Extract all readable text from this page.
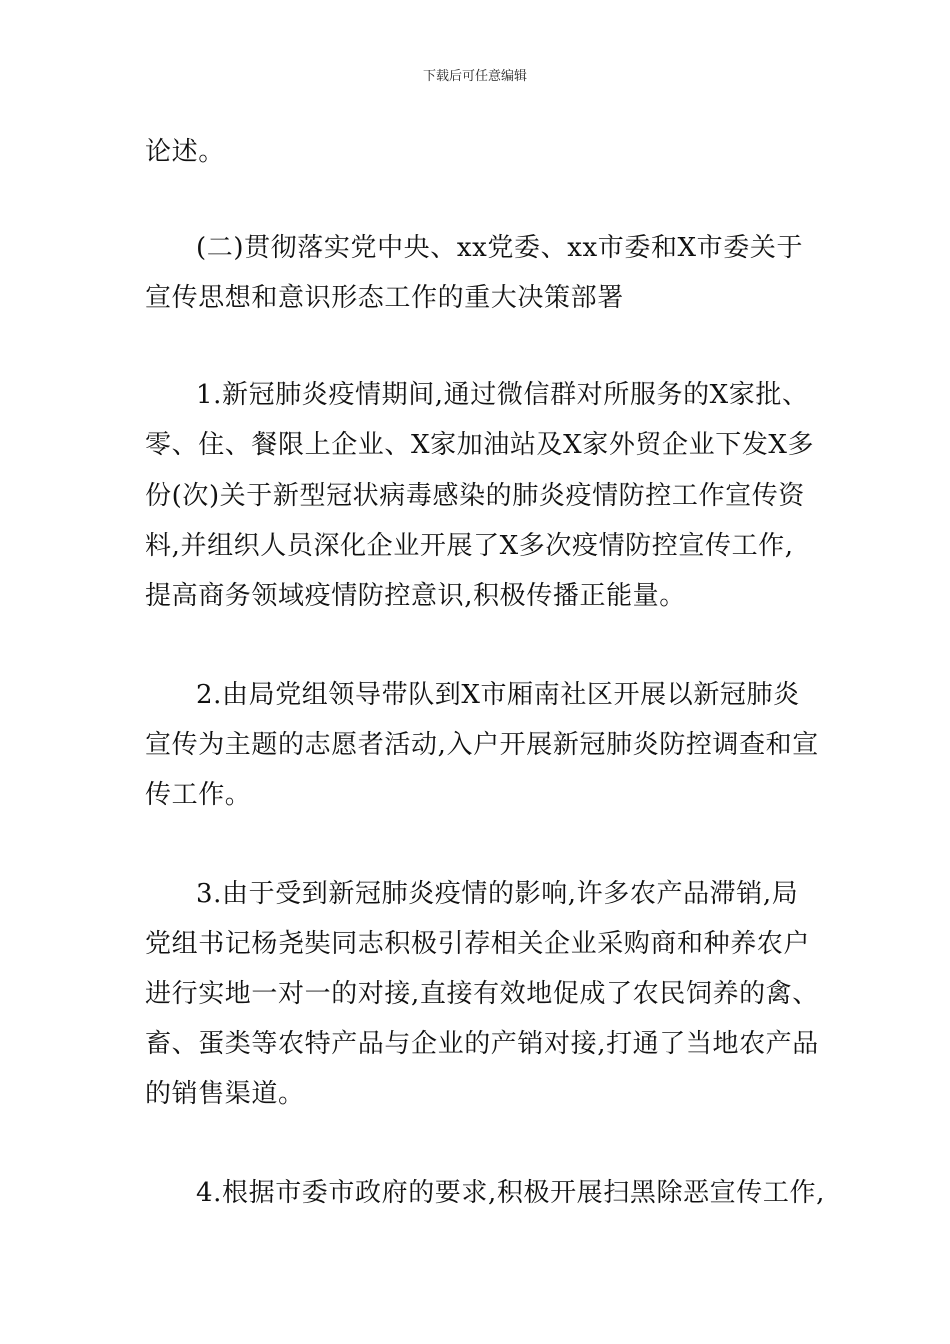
下载后可任意编辑
论述。
(二)贯彻落实党中央、xx党委、xx市委和X市委关于
宣传思想和意识形态工作的重大决策部署
1.新冠肺炎疫情期间,通过微信群对所服务的X家批、
零、住、餐限上企业、X家加油站及X家外贸企业下发X多
份(次)关于新型冠状病毒感染的肺炎疫情防控工作宣传资
料,并组织人员深化企业开展了X多次疫情防控宣传工作,
提高商务领域疫情防控意识,积极传播正能量。
2.由局党组领导带队到X市厢南社区开展以新冠肺炎
宣传为主题的志愿者活动,入户开展新冠肺炎防控调查和宣
传工作。
3.由于受到新冠肺炎疫情的影响,许多农产品滞销,局
党组书记杨尧奘同志积极引荐相关企业采购商和种养农户
进行实地一对一的对接,直接有效地促成了农民饲养的禽、
畜、蛋类等农特产品与企业的产销对接,打通了当地农产品
的销售渠道。
4.根据市委市政府的要求,积极开展扫黑除恶宣传工作,
